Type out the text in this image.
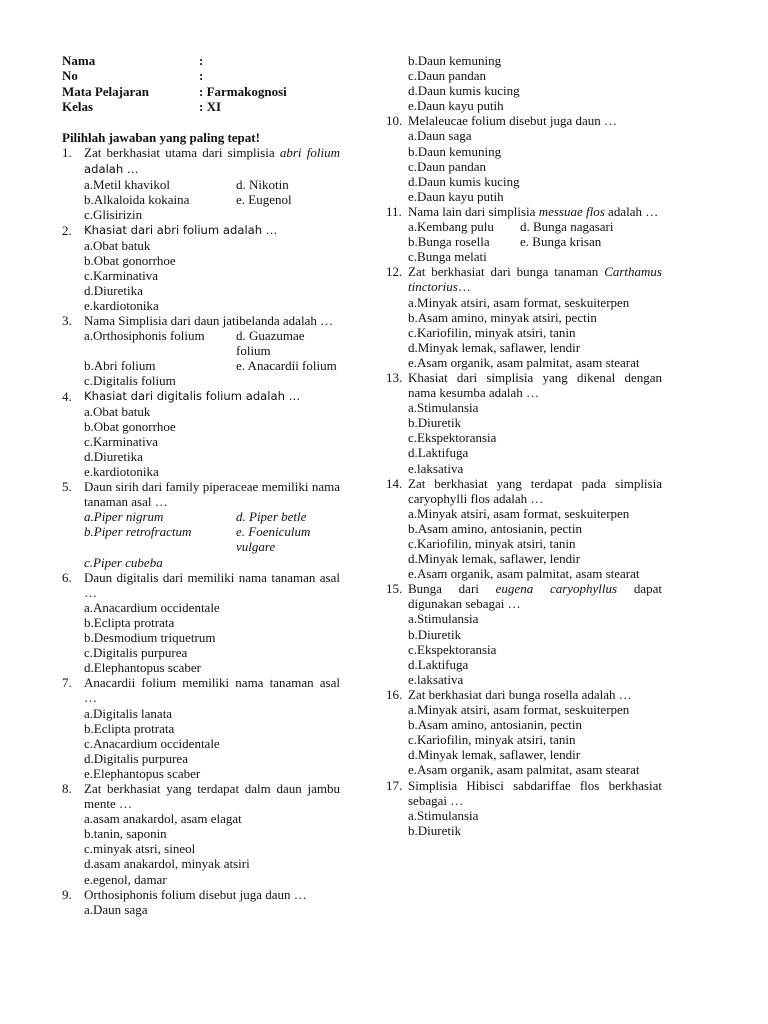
Nama	:
No	:
Mata Pelajaran	: Farmakognosi
Kelas	: XI
Pilihlah jawaban yang paling tepat!
1. Zat berkhasiat utama dari simplisia abri folium adalah …
a.Metil khavikol	d. Nikotin
b.Alkaloida kokaina	e. Eugenol
c.Glisirizin
2.	Khasiat dari abri folium adalah …
a.Obat batuk
b.Obat gonorrhoe
c.Karminativa
d.Diuretika
e.kardiotonika
3. Nama Simplisia dari daun jatibelanda adalah …
a.Orthosiphonis folium	d. Guazumae folium
b.Abri folium	e. Anacardii folium
c.Digitalis folium
4.	Khasiat dari digitalis folium adalah …
a.Obat batuk
b.Obat gonorrhoe
c.Karminativa
d.Diuretika
e.kardiotonika
5. Daun sirih dari family piperaceae memiliki nama tanaman asal …
a.Piper nigrum	d. Piper betle
b.Piper retrofractum	e. Foeniculum vulgare
c.Piper cubeba
6. Daun digitalis dari memiliki nama tanaman asal …
a.Anacardium occidentale
b.Eclipta protrata
b.Desmodium triquetrum
c.Digitalis purpurea
d.Elephantopus scaber
7. Anacardii folium memiliki nama tanaman asal …
a.Digitalis lanata
b.Eclipta protrata
c.Anacardium occidentale
d.Digitalis purpurea
e.Elephantopus scaber
8. Zat berkhasiat yang terdapat dalm daun jambu mente …
a.asam anakardol, asam elagat
b.tanin, saponin
c.minyak atsri, sineol
d.asam anakardol, minyak atsiri
e.egenol, damar
9. Orthosiphonis folium disebut juga daun …
a.Daun saga
b.Daun kemuning
c.Daun pandan
d.Daun kumis kucing
e.Daun kayu putih
10. Melaleucae folium disebut juga daun …
a.Daun saga
b.Daun kemuning
c.Daun pandan
d.Daun kumis kucing
e.Daun kayu putih
11. Nama lain dari simplisia messuae flos adalah …
a.Kembang pulu	d. Bunga nagasari
b.Bunga rosella	e. Bunga krisan
c.Bunga melati
12. Zat berkhasiat dari bunga tanaman Carthamus tinctorius…
a.Minyak atsiri, asam format, seskuiterpen
b.Asam amino, minyak atsiri, pectin
c.Kariofilin, minyak atsiri, tanin
d.Minyak lemak, saflawer, lendir
e.Asam organik, asam palmitat, asam stearat
13. Khasiat dari simplisia yang dikenal dengan nama kesumba adalah …
a.Stimulansia
b.Diuretik
c.Ekspektoransia
d.Laktifuga
e.laksativa
14. Zat berkhasiat yang terdapat pada simplisia caryophylli flos adalah …
a.Minyak atsiri, asam format, seskuiterpen
b.Asam amino, antosianin, pectin
c.Kariofilin, minyak atsiri, tanin
d.Minyak lemak, saflawer, lendir
e.Asam organik, asam palmitat, asam stearat
15. Bunga dari eugena caryophyllus dapat digunakan sebagai …
a.Stimulansia
b.Diuretik
c.Ekspektoransia
d.Laktifuga
e.laksativa
16. Zat berkhasiat dari bunga rosella adalah …
a.Minyak atsiri, asam format, seskuiterpen
b.Asam amino, antosianin, pectin
c.Kariofilin, minyak atsiri, tanin
d.Minyak lemak, saflawer, lendir
e.Asam organik, asam palmitat, asam stearat
17. Simplisia Hibisci sabdariffae flos berkhasiat sebagai …
a.Stimulansia
b.Diuretik
